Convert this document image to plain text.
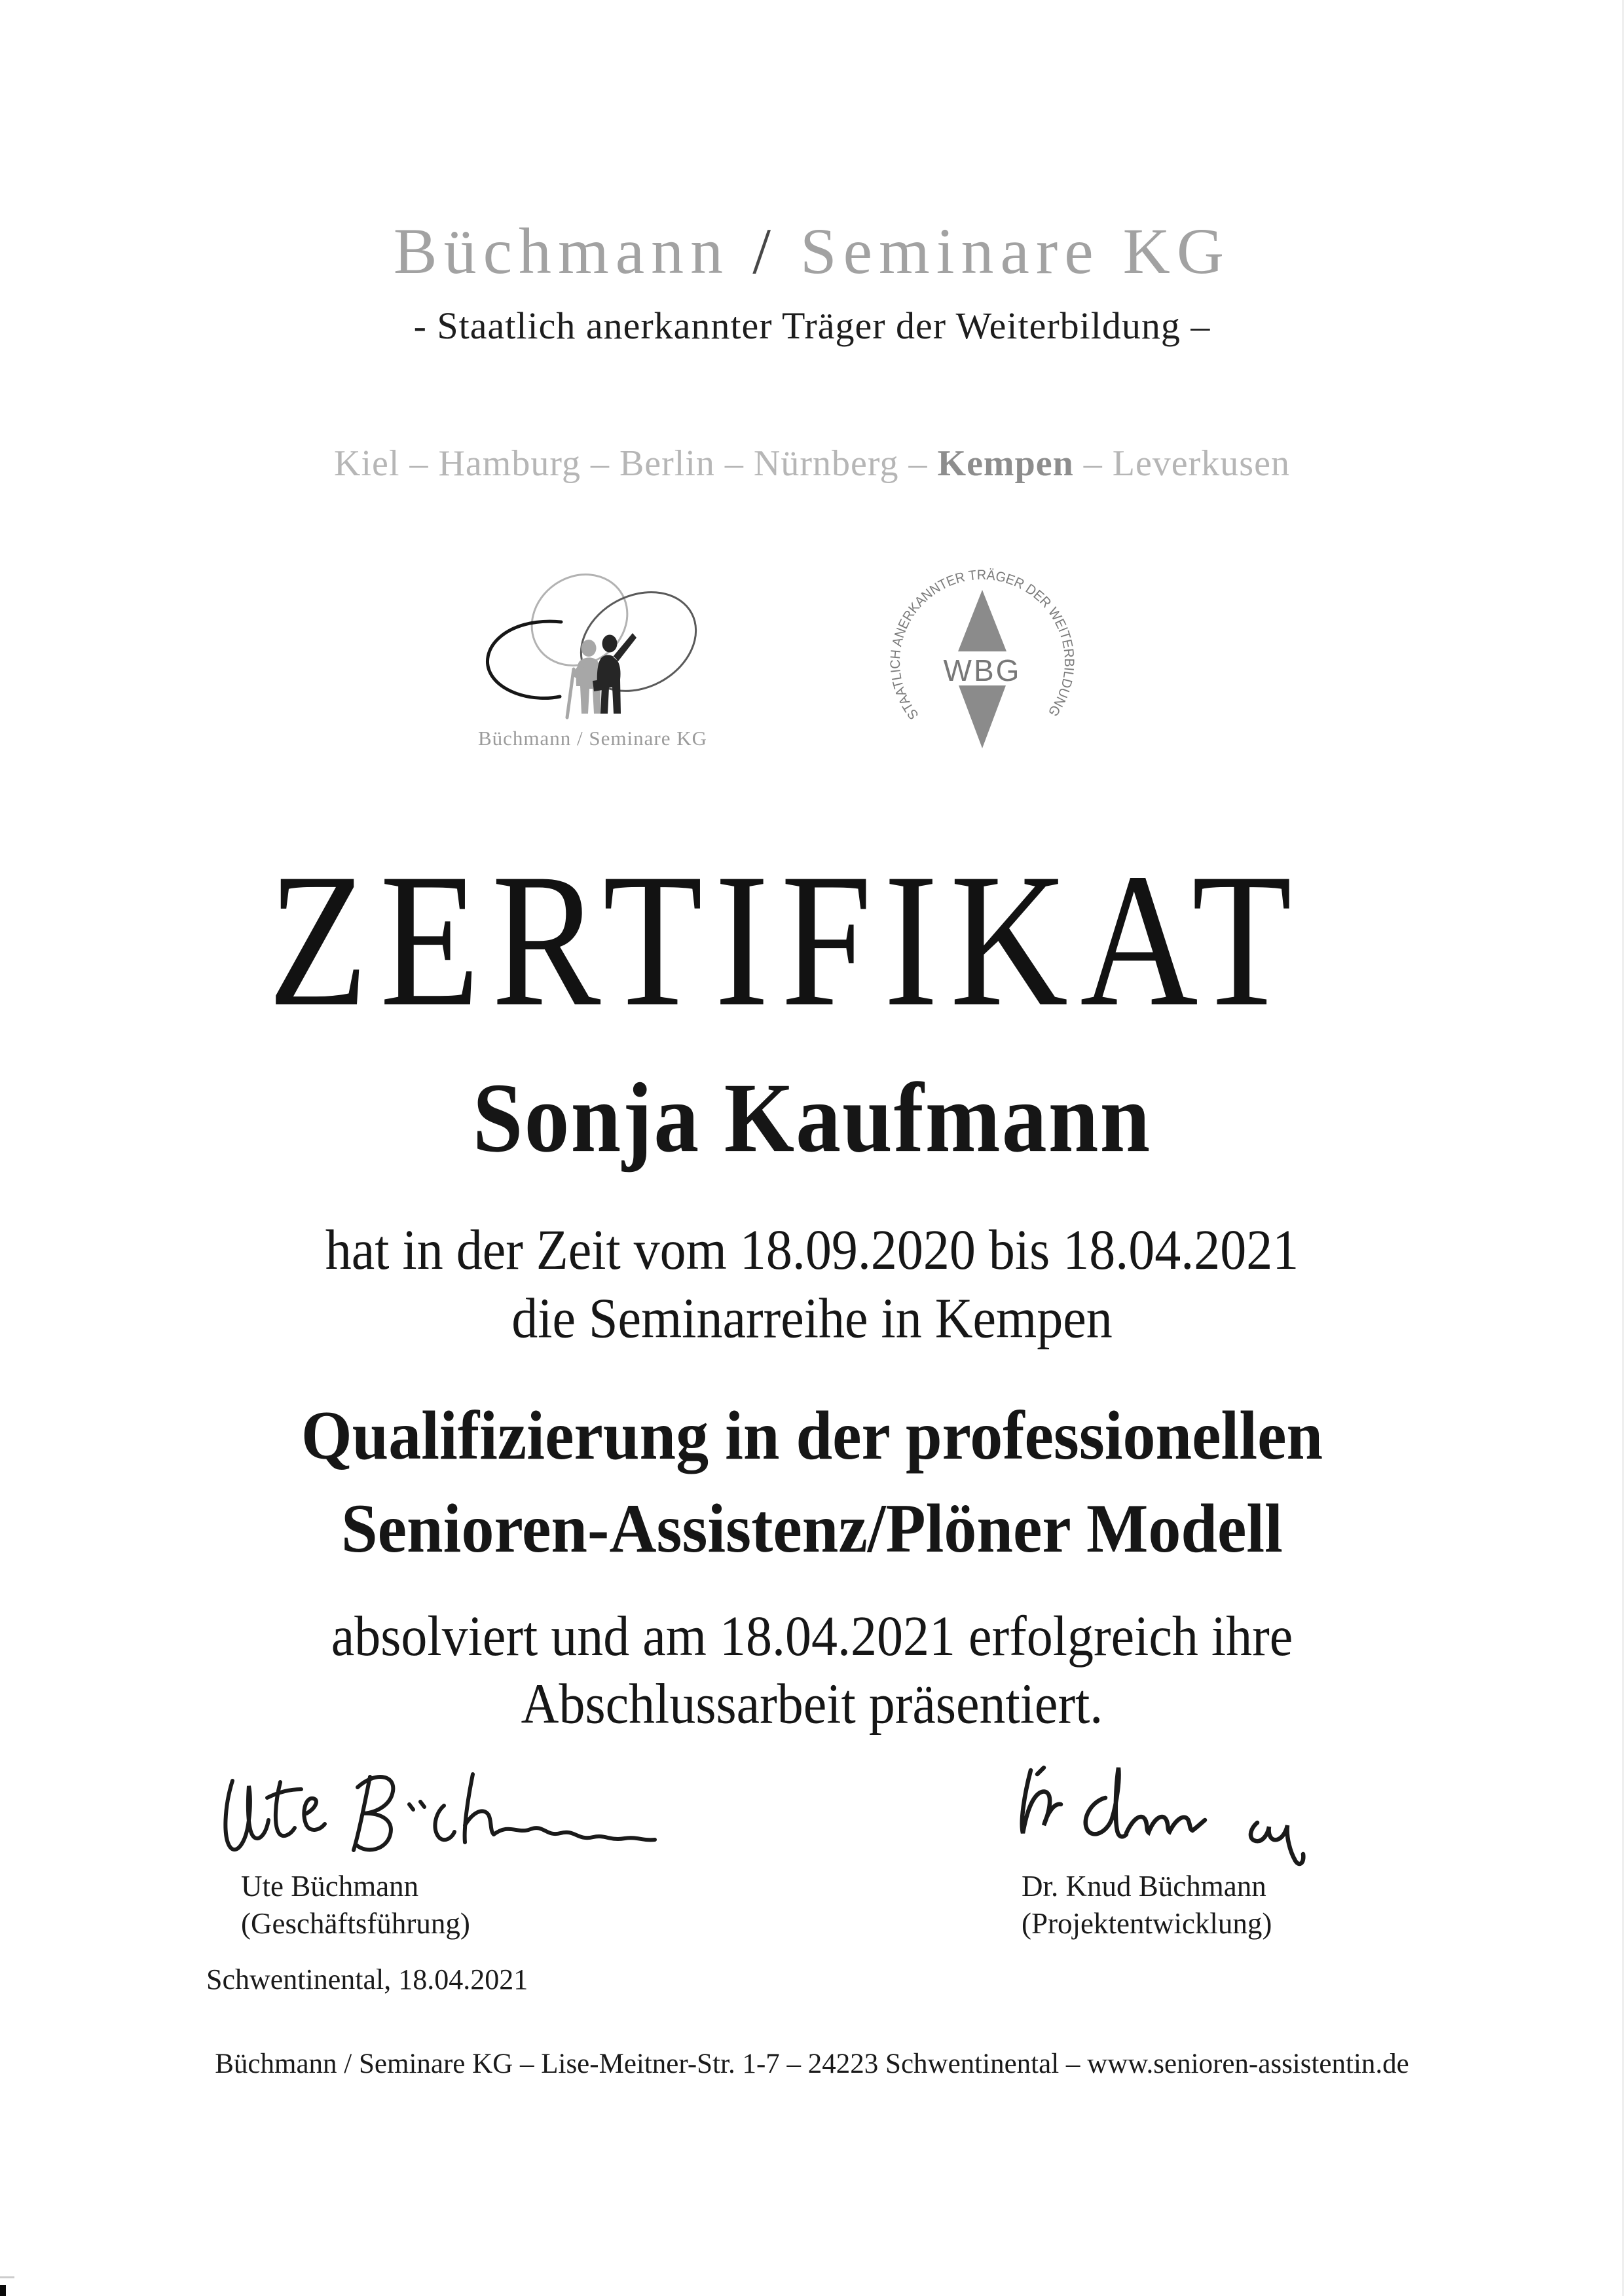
Büchmann / Seminare KG
- Staatlich anerkannter Träger der Weiterbildung –
Kiel – Hamburg – Berlin – Nürnberg – Kempen – Leverkusen
Büchmann / Seminare KG
STAATLICH ANERKANNTER TRÄGER DER WEITERBILDUNG
WBG
ZERTIFIKAT
Sonja Kaufmann
hat in der Zeit vom 18.09.2020 bis 18.04.2021
die Seminarreihe in Kempen
Qualifizierung in der professionellen
Senioren-Assistenz/Plöner Modell
absolviert und am 18.04.2021 erfolgreich ihre
Abschlussarbeit präsentiert.
Ute Büchmann
(Geschäftsführung)
Dr. Knud Büchmann
(Projektentwicklung)
Schwentinental, 18.04.2021
Büchmann / Seminare KG – Lise-Meitner-Str. 1-7 – 24223 Schwentinental – www.senioren-assistentin.de
